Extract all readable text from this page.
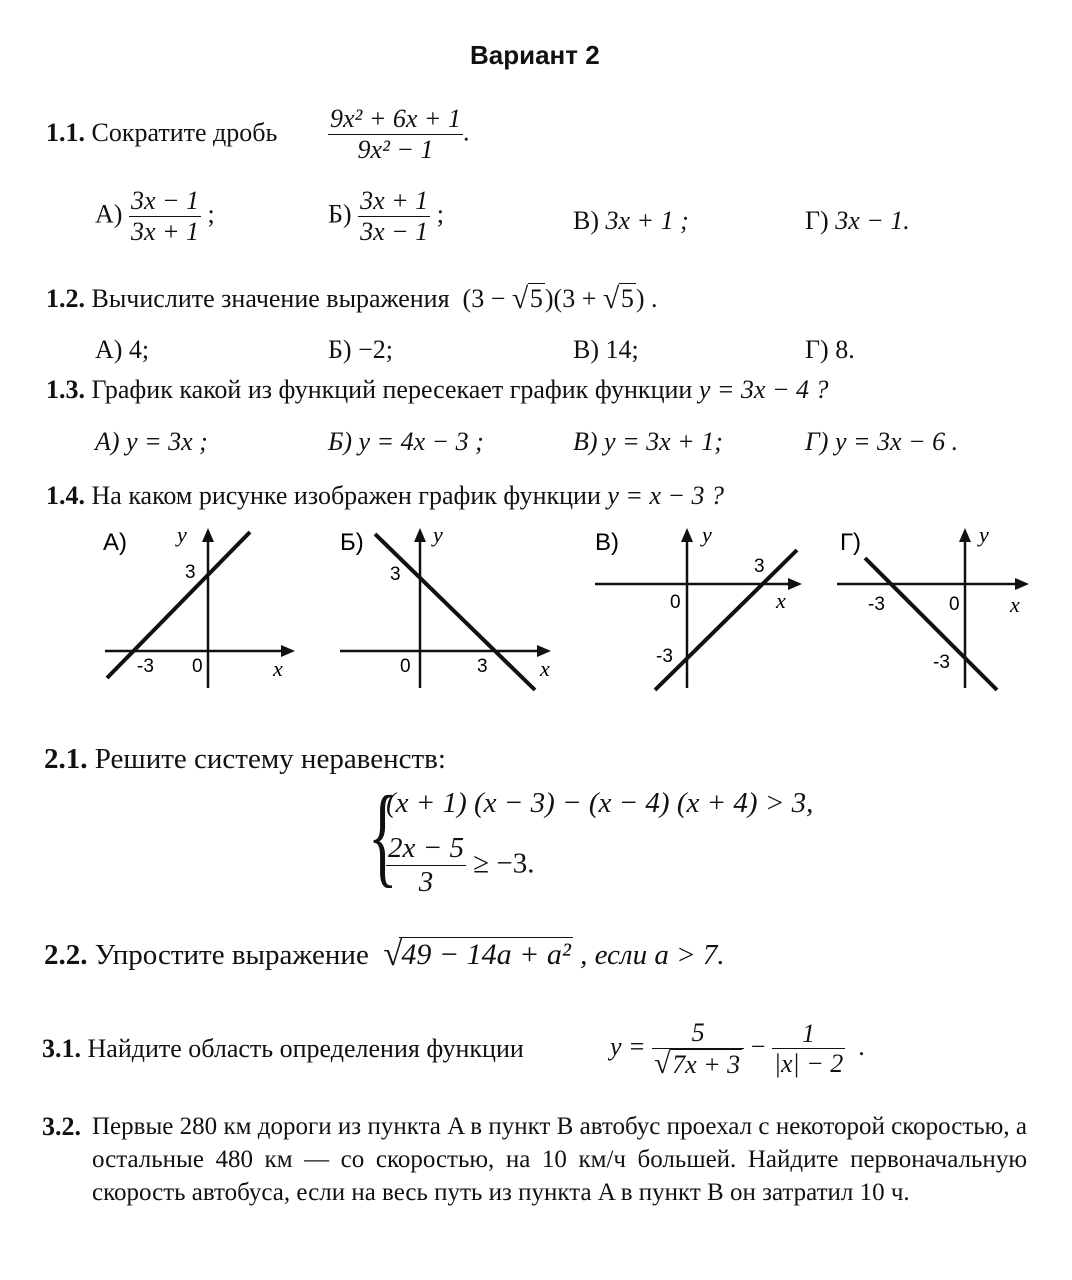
Вариант 2
1.1. Сократите дробь $\frac{\text{9x² + 6x + 1}}{\text{9x² − 1}}$ .
$А) \frac{3x - 1}{3x + 1}$ ;	$Б) \frac{3x + 1}{3x - 1}$ ;	В) 3x + 1 ;	Г) 3x − 1.
1.2. Вычислите значение выражения (3 − √ 5)(3 + √ 5) .
А) 4;	Б) −2;	В) 14;	Г) 8.
1.3. График какой из функций пересекает график функции y = 3x − 4 ?
А) y = 3x ;	Б) y = 4x − 3 ;	В) y = 3x + 1;	Г) y = 3x − 6 .
1.4. На каком рисунке изображен график функции y = x − 3 ?
А)
3
-3 0	x
y	Б)
3
0	3 x
y	В)
3
0
-3
x
y	Г)
-3	0
-3
x
y
2.1. Решите систему неравенств:
{
(x + 1) (x − 3) − (x − 4) (x + 4) > 3,
$\frac{2x - 5}{3} \ge -3$.
2.2. Упростите выражение √ 49 − 14a + a² , если a > 7.
3.1. Найдите область определения функции	$y = \frac{5}{√ 7x + 3} - \frac{1}{|x| - 2}$ .
3.2. Первые 280 км дороги из пункта A в пункт B автобус проехал с некоторой скоростью, а остальные 480 км — со скоростью, на 10 км/ч большей. Найдите первоначальную скорость автобуса, если на весь путь из пункта A в пункт B он затратил 10 ч.
